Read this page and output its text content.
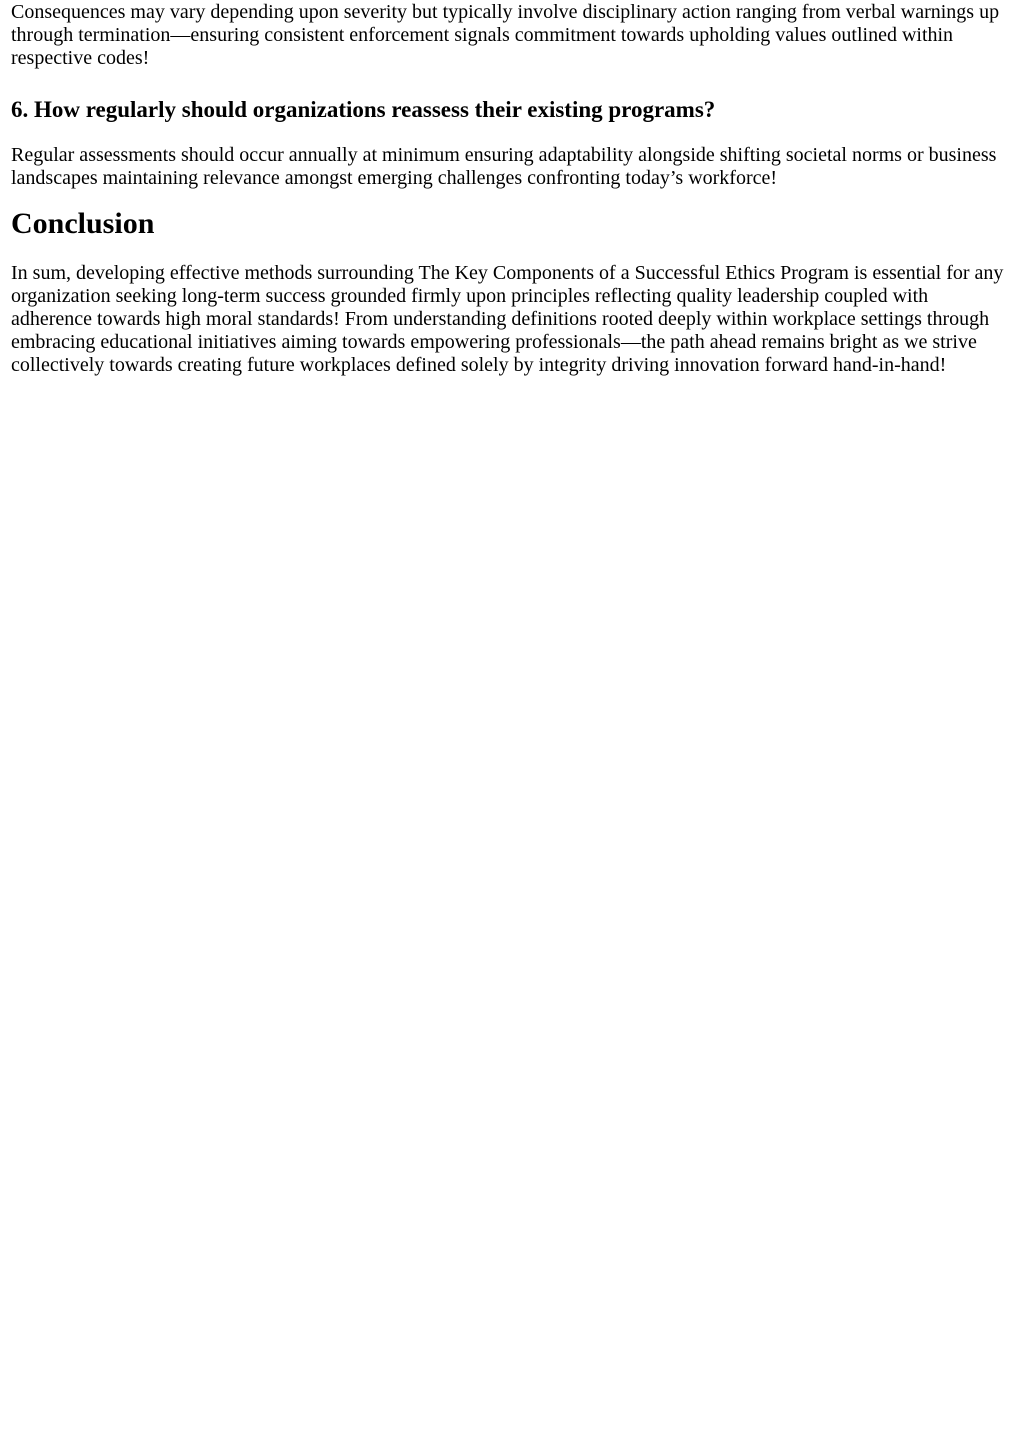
Consequences may vary depending upon severity but typically involve disciplinary action ranging from verbal warnings up through termination—ensuring consistent enforcement signals commitment towards upholding values outlined within respective codes!

6. How regularly should organizations reassess their existing programs?

Regular assessments should occur annually at minimum ensuring adaptability alongside shifting societal norms or business landscapes maintaining relevance amongst emerging challenges confronting today’s workforce!

Conclusion

In sum, developing effective methods surrounding The Key Components of a Successful Ethics Program is essential for any organization seeking long-term success grounded firmly upon principles reflecting quality leadership coupled with adherence towards high moral standards! From understanding definitions rooted deeply within workplace settings through embracing educational initiatives aiming towards empowering professionals—the path ahead remains bright as we strive collectively towards creating future workplaces defined solely by integrity driving innovation forward hand-in-hand!
